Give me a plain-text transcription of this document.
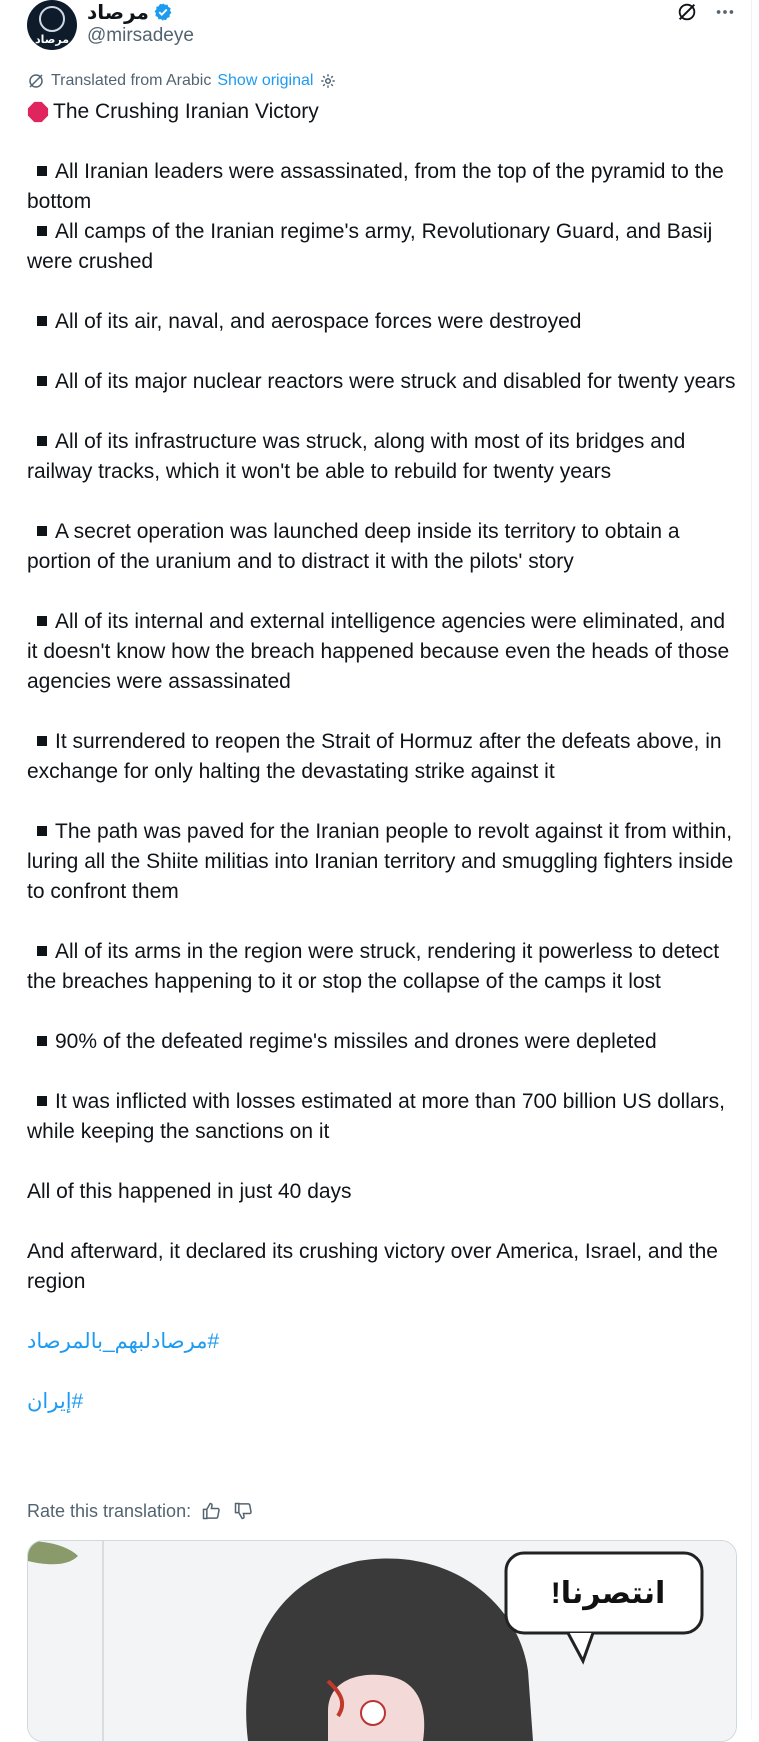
مرصاد
مرصاد
@mirsadeye
Translated from Arabic Show original
The Crushing Iranian Victory

All Iranian leaders were assassinated, from the top of the pyramid to the bottom

All camps of the Iranian regime's army, Revolutionary Guard, and Basij were crushed

All of its air, naval, and aerospace forces were destroyed

All of its major nuclear reactors were struck and disabled for twenty years

All of its infrastructure was struck, along with most of its bridges and railway tracks, which it won't be able to rebuild for twenty years

A secret operation was launched deep inside its territory to obtain a portion of the uranium and to distract it with the pilots' story

All of its internal and external intelligence agencies were eliminated, and it doesn't know how the breach happened because even the heads of those agencies were assassinated

It surrendered to reopen the Strait of Hormuz after the defeats above, in exchange for only halting the devastating strike against it

The path was paved for the Iranian people to revolt against it from within, luring all the Shiite militias into Iranian territory and smuggling fighters inside to confront them

All of its arms in the region were struck, rendering it powerless to detect the breaches happening to it or stop the collapse of the camps it lost

90% of the defeated regime's missiles and drones were depleted

It was inflicted with losses estimated at more than 700 billion US dollars, while keeping the sanctions on it

All of this happened in just 40 days

And afterward, it declared its crushing victory over America, Israel, and the region

#مرصادلبهم_بالمرصاد

#إيران

Rate this translation:
انتصرنا!
